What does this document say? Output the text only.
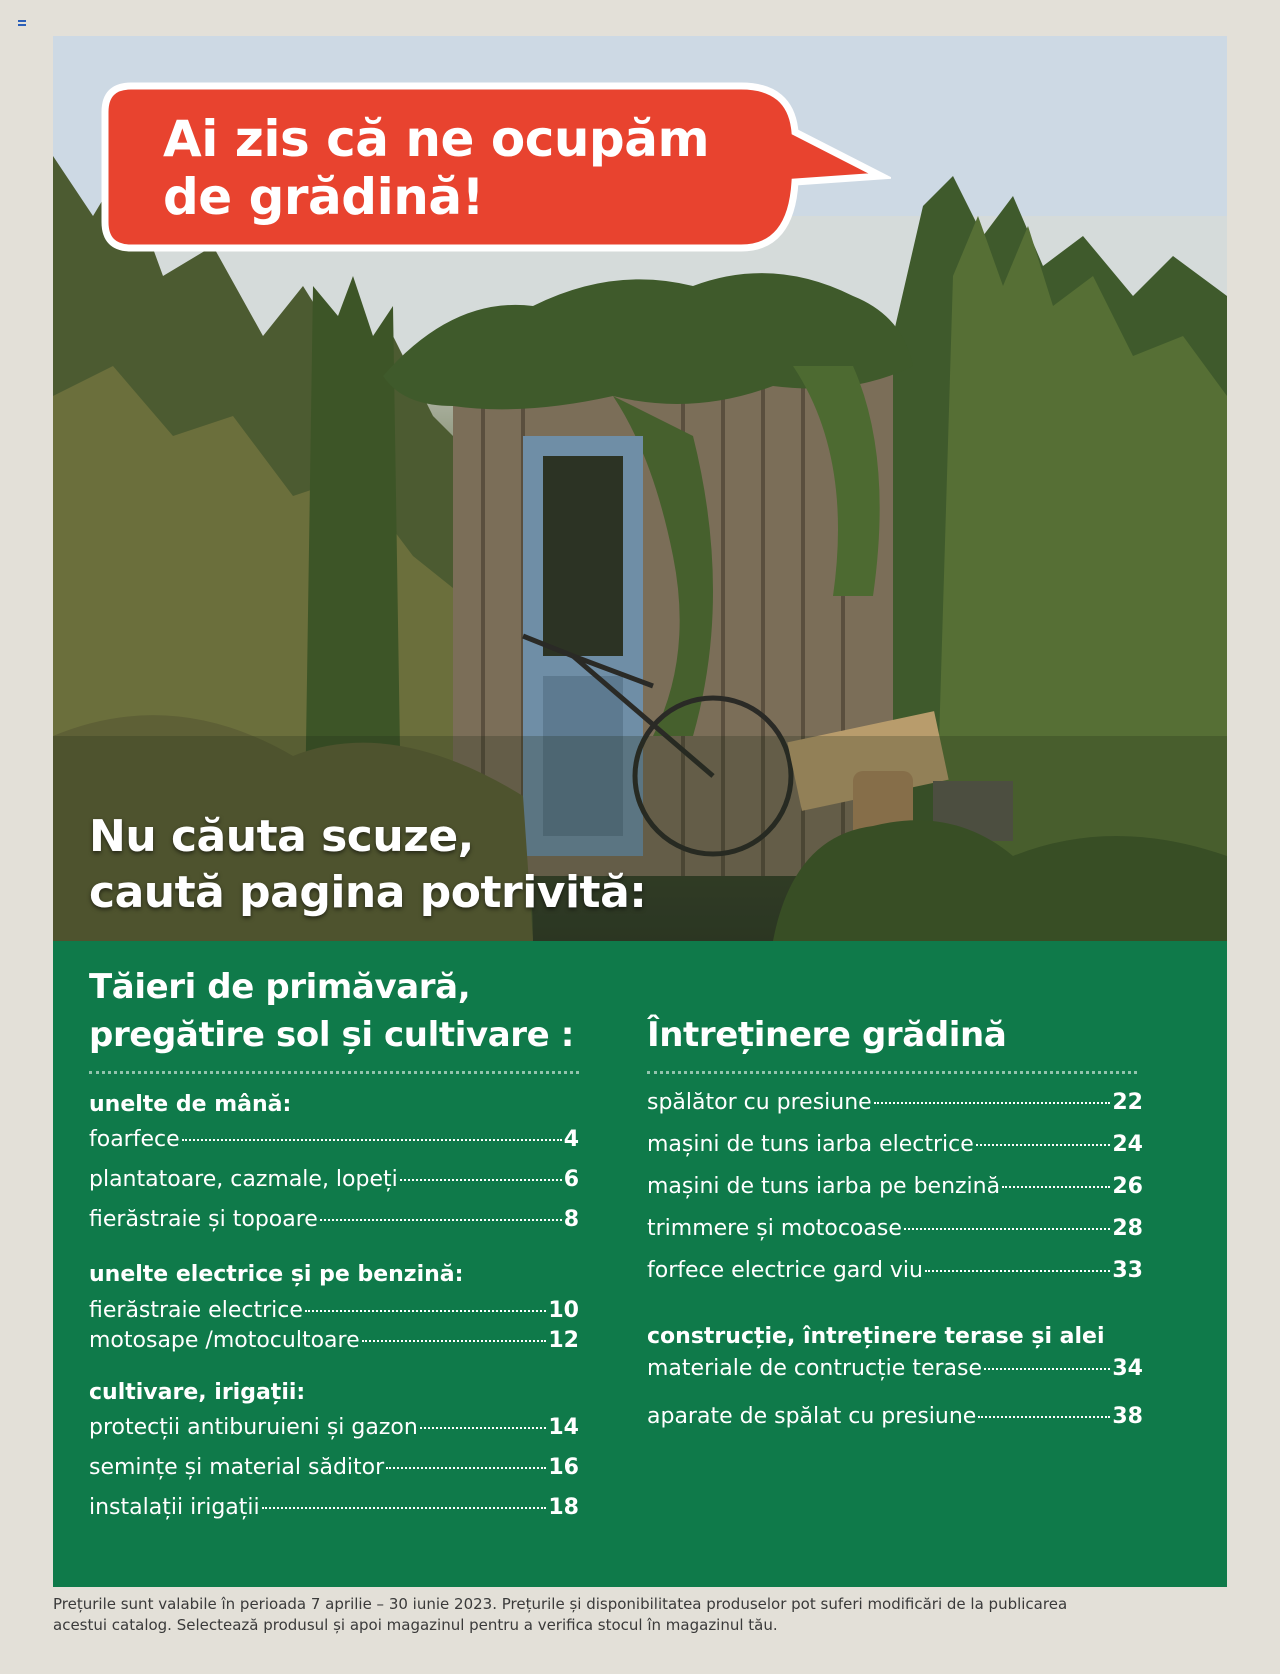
Ai zis că ne ocupăm
de grădină!
Nu căuta scuze,
caută pagina potrivită:
Tăieri de primăvară,
pregătire sol și cultivare :
unelte de mână:
foarfece	4
plantatoare, cazmale, lopeți	6
fierăstraie și topoare	8
unelte electrice și pe benzină:
fierăstraie electrice	10
motosape /motocultoare	12
cultivare, irigații:
protecții antiburuieni și gazon	14
semințe și material săditor	16
instalații irigații	18
Întreținere grădină
spălător cu presiune	22
mașini de tuns iarba electrice	24
mașini de tuns iarba pe benzină	26
trimmere și motocoase	28
forfece electrice gard viu	33
construcție, întreținere terase și alei
materiale de contrucție terase	34
aparate de spălat cu presiune	38
Prețurile sunt valabile în perioada 7 aprilie – 30 iunie 2023. Prețurile și disponibilitatea produselor pot suferi modificări de la publicarea
acestui catalog. Selectează produsul și apoi magazinul pentru a verifica stocul în magazinul tău.
